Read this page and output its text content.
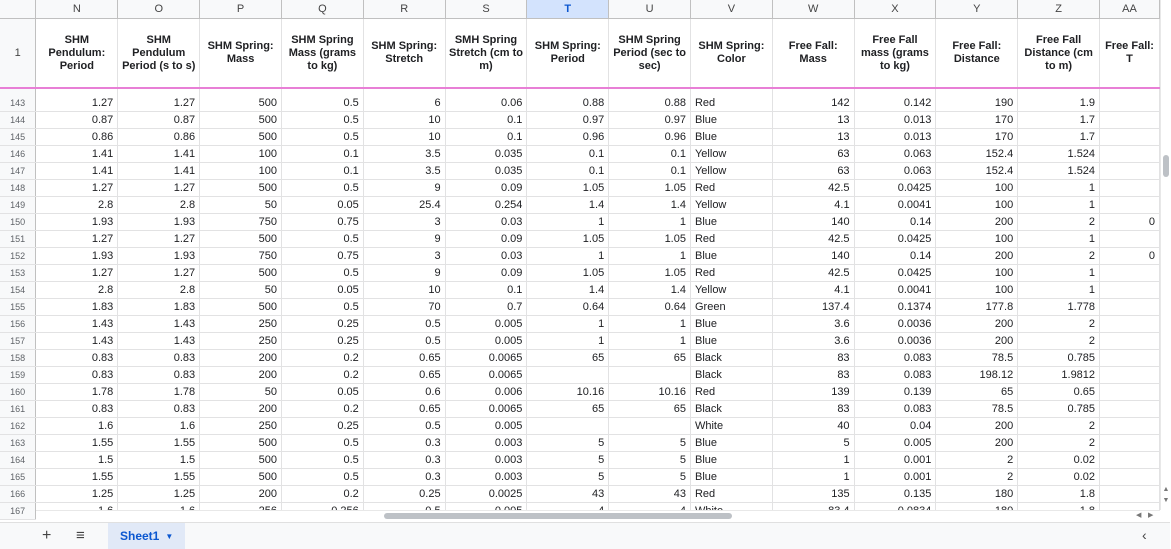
	N	O	P	Q	R	S	T	U	V	W	X	Y	Z	AA
1	SHM Pendulum: Period	SHM Pendulum Period (s to s)	SHM Spring: Mass	SHM Spring Mass (grams to kg)	SHM Spring: Stretch	SMH Spring Stretch (cm to m)	SHM Spring: Period	SHM Spring Period (sec to sec)	SHM Spring: Color	Free Fall: Mass	Free Fall mass (grams to kg)	Free Fall: Distance	Free Fall Distance (cm to m)	Free Fall: T

143	1.27	1.27	500	0.5	6	0.06	0.88	0.88	Red	142	0.142	190	1.9	
144	0.87	0.87	500	0.5	10	0.1	0.97	0.97	Blue	13	0.013	170	1.7	
145	0.86	0.86	500	0.5	10	0.1	0.96	0.96	Blue	13	0.013	170	1.7	
146	1.41	1.41	100	0.1	3.5	0.035	0.1	0.1	Yellow	63	0.063	152.4	1.524	
147	1.41	1.41	100	0.1	3.5	0.035	0.1	0.1	Yellow	63	0.063	152.4	1.524	
148	1.27	1.27	500	0.5	9	0.09	1.05	1.05	Red	42.5	0.0425	100	1	
149	2.8	2.8	50	0.05	25.4	0.254	1.4	1.4	Yellow	4.1	0.0041	100	1	
150	1.93	1.93	750	0.75	3	0.03	1	1	Blue	140	0.14	200	2	0
151	1.27	1.27	500	0.5	9	0.09	1.05	1.05	Red	42.5	0.0425	100	1	
152	1.93	1.93	750	0.75	3	0.03	1	1	Blue	140	0.14	200	2	0
153	1.27	1.27	500	0.5	9	0.09	1.05	1.05	Red	42.5	0.0425	100	1	
154	2.8	2.8	50	0.05	10	0.1	1.4	1.4	Yellow	4.1	0.0041	100	1	
155	1.83	1.83	500	0.5	70	0.7	0.64	0.64	Green	137.4	0.1374	177.8	1.778	
156	1.43	1.43	250	0.25	0.5	0.005	1	1	Blue	3.6	0.0036	200	2	
157	1.43	1.43	250	0.25	0.5	0.005	1	1	Blue	3.6	0.0036	200	2	
158	0.83	0.83	200	0.2	0.65	0.0065	65	65	Black	83	0.083	78.5	0.785	
159	0.83	0.83	200	0.2	0.65	0.0065			Black	83	0.083	198.12	1.9812	
160	1.78	1.78	50	0.05	0.6	0.006	10.16	10.16	Red	139	0.139	65	0.65	
161	0.83	0.83	200	0.2	0.65	0.0065	65	65	Black	83	0.083	78.5	0.785	
162	1.6	1.6	250	0.25	0.5	0.005			White	40	0.04	200	2	
163	1.55	1.55	500	0.5	0.3	0.003	5	5	Blue	5	0.005	200	2	
164	1.5	1.5	500	0.5	0.3	0.003	5	5	Blue	1	0.001	2	0.02	
165	1.55	1.55	500	0.5	0.3	0.003	5	5	Blue	1	0.001	2	0.02	
166	1.25	1.25	200	0.2	0.25	0.0025	43	43	Red	135	0.135	180	1.8	
167														
▲
▼
◀ ▶
+ ≡	Sheet1 ▼	‹
